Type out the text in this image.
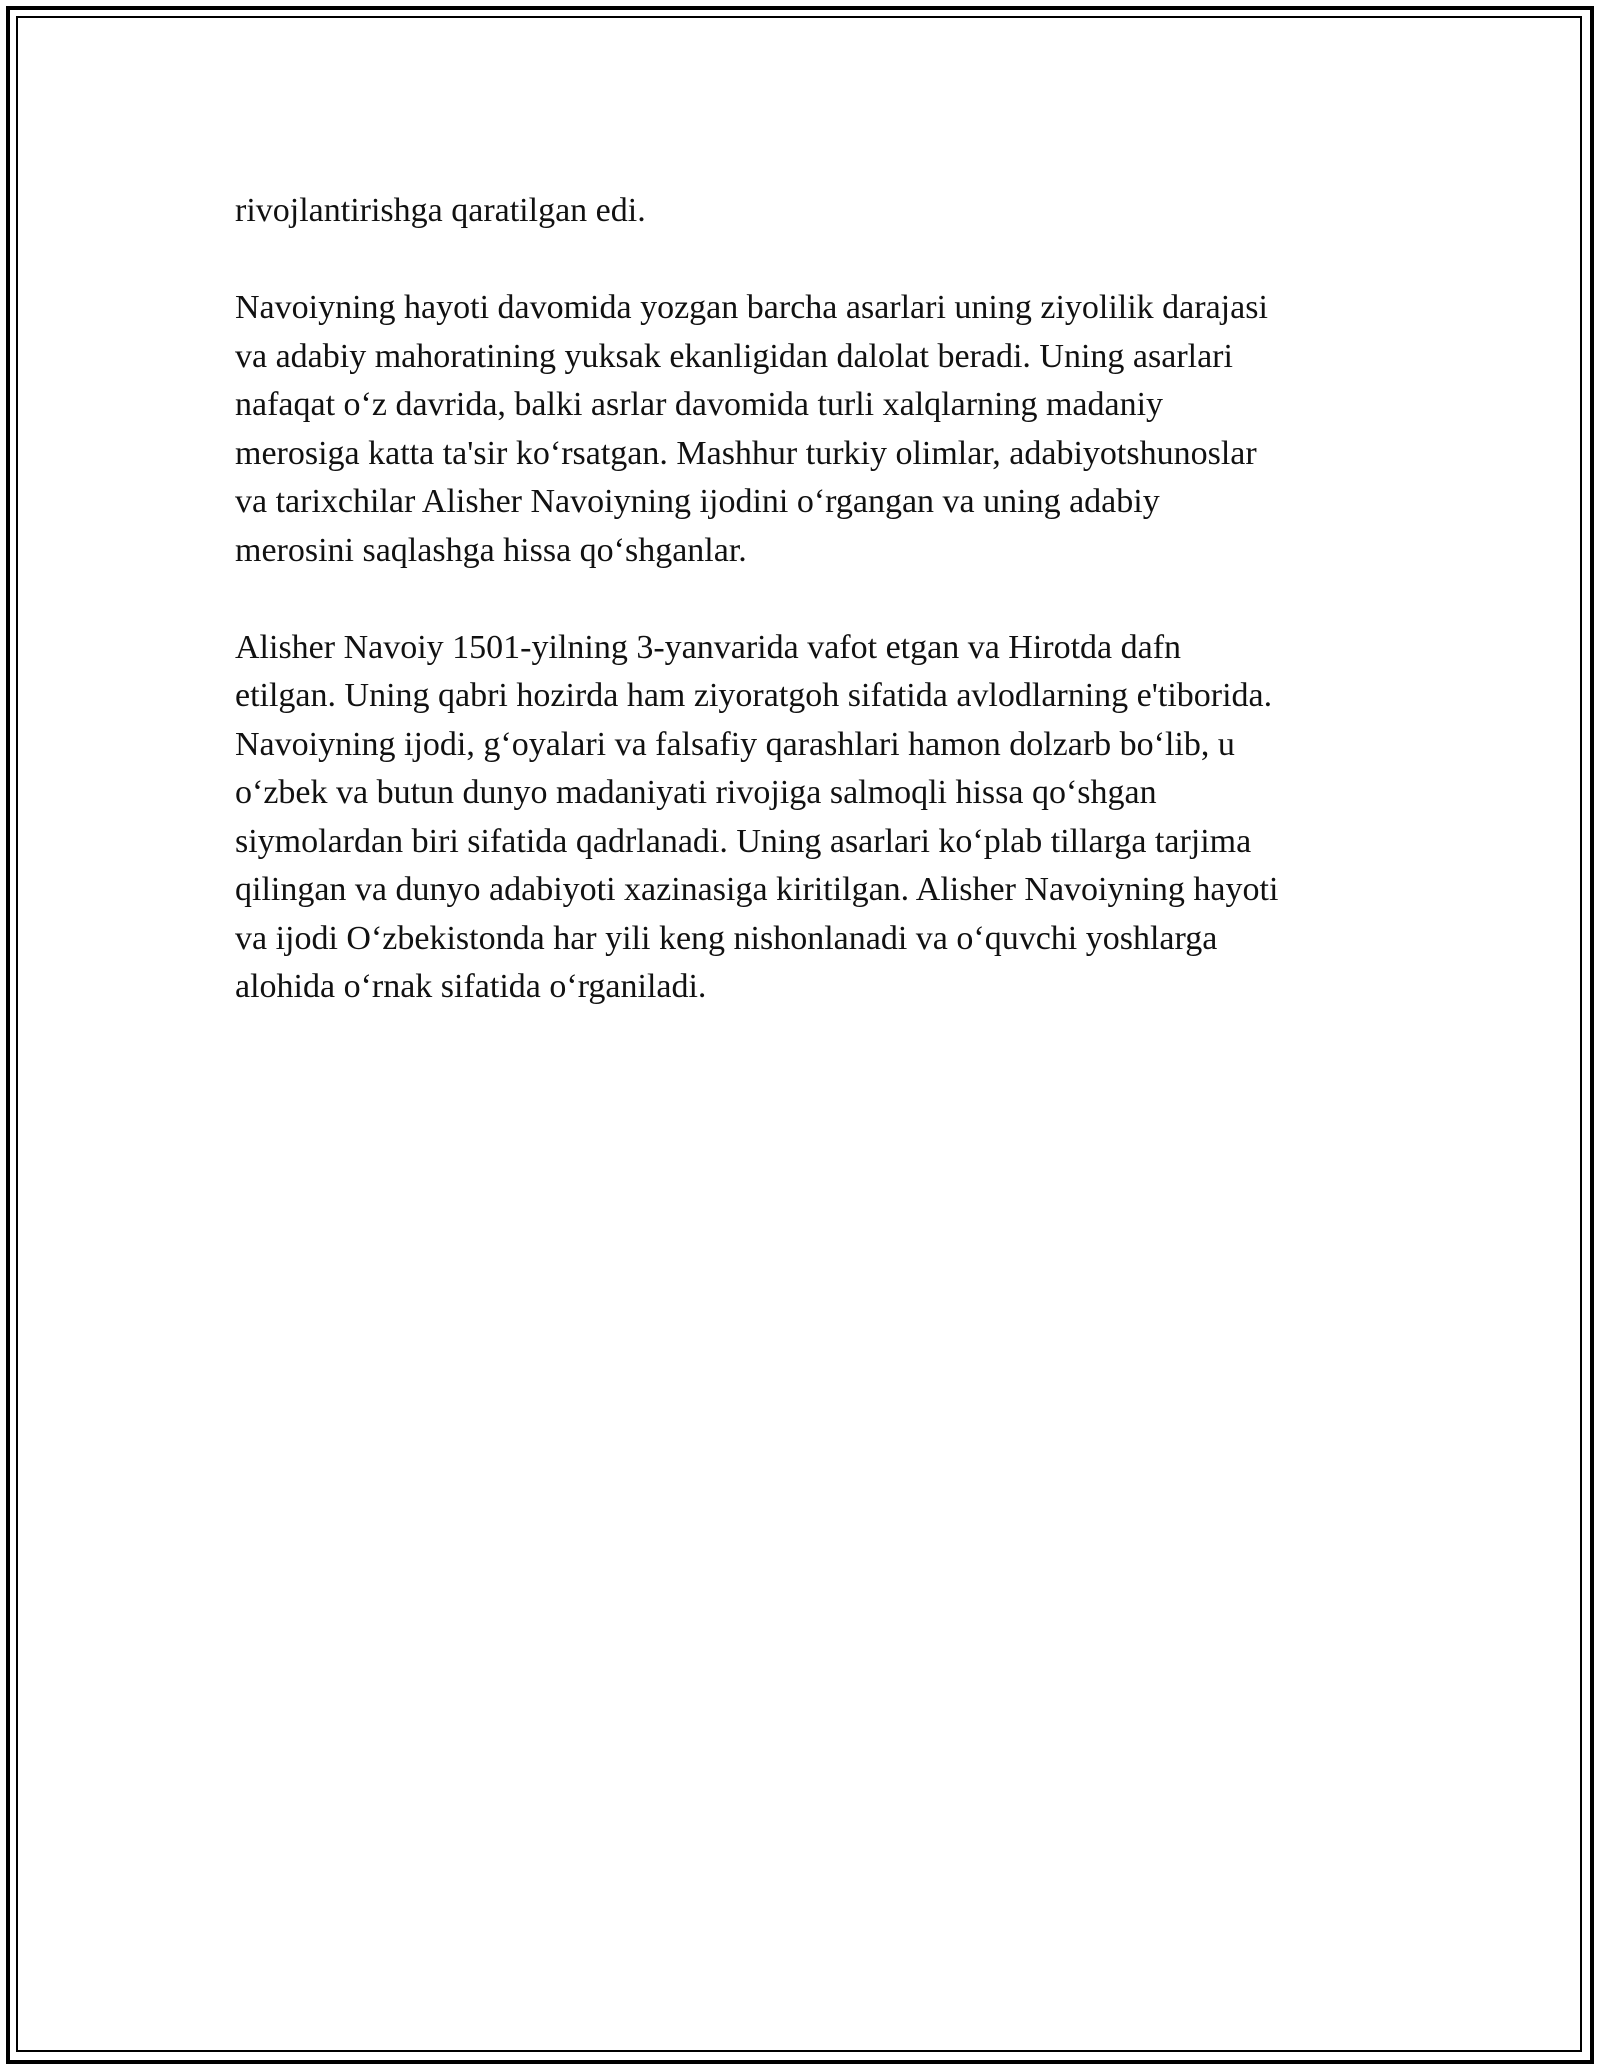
rivojlantirishga qaratilgan edi.

Navoiyning hayoti davomida yozgan barcha asarlari uning ziyolilik darajasi
va adabiy mahoratining yuksak ekanligidan dalolat beradi. Uning asarlari
nafaqat o‘z davrida, balki asrlar davomida turli xalqlarning madaniy
merosiga katta ta'sir ko‘rsatgan. Mashhur turkiy olimlar, adabiyotshunoslar
va tarixchilar Alisher Navoiyning ijodini o‘rgangan va uning adabiy
merosini saqlashga hissa qo‘shganlar.

Alisher Navoiy 1501-yilning 3-yanvarida vafot etgan va Hirotda dafn
etilgan. Uning qabri hozirda ham ziyoratgoh sifatida avlodlarning e'tiborida.
Navoiyning ijodi, g‘oyalari va falsafiy qarashlari hamon dolzarb bo‘lib, u
o‘zbek va butun dunyo madaniyati rivojiga salmoqli hissa qo‘shgan
siymolardan biri sifatida qadrlanadi. Uning asarlari ko‘plab tillarga tarjima
qilingan va dunyo adabiyoti xazinasiga kiritilgan. Alisher Navoiyning hayoti
va ijodi O‘zbekistonda har yili keng nishonlanadi va o‘quvchi yoshlarga
alohida o‘rnak sifatida o‘rganiladi.
